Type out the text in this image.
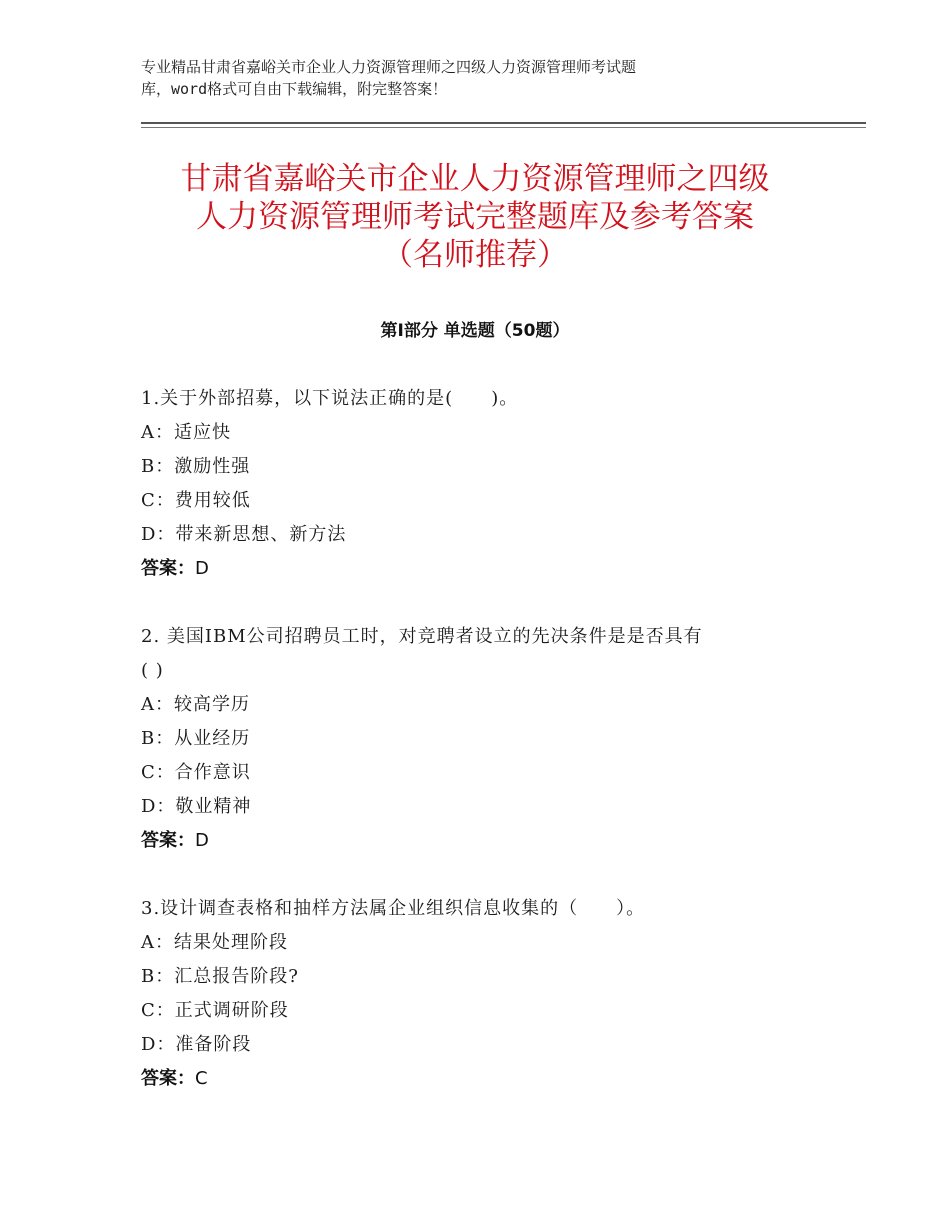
专业精品甘肃省嘉峪关市企业人力资源管理师之四级人力资源管理师考试题
库，word格式可自由下载编辑，附完整答案！
甘肃省嘉峪关市企业人力资源管理师之四级
人力资源管理师考试完整题库及参考答案
（名师推荐）
第Ⅰ部分 单选题（50题）
1.关于外部招募，以下说法正确的是(　　)。
A：适应快
B：激励性强
C：费用较低
D：带来新思想、新方法
答案：D
2. 美国IBM公司招聘员工时，对竞聘者设立的先决条件是是否具有
( )
A：较高学历
B：从业经历
C：合作意识
D：敬业精神
答案：D
3.设计调查表格和抽样方法属企业组织信息收集的（　　）。
A：结果处理阶段
B：汇总报告阶段?
C：正式调研阶段
D：准备阶段
答案：C
